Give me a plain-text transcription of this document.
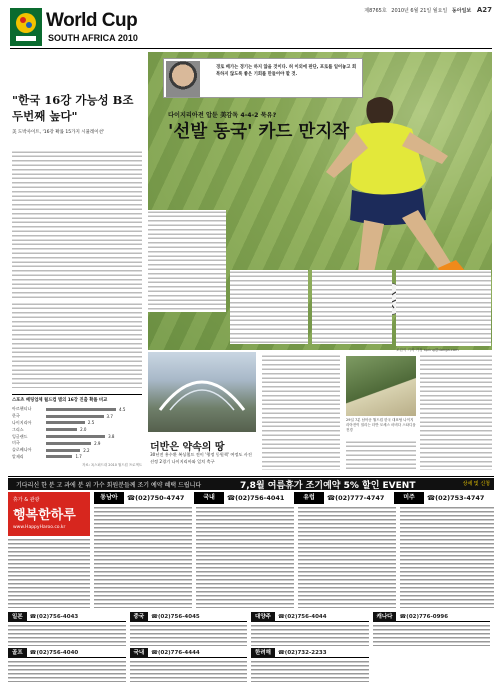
World Cup
SOUTH AFRICA 2010
제8765호 2010년 6월 21일 월요일 동아일보 A27
"한국 16강 가능성 B조 두번째 높다"
美 도박사이트, '16강 확률 15가지 시뮬레이션'
스포츠 베팅업체 월드컵 별의 16강 진출 확률 비교
아르헨티나	4.5
한국	3.7
나이지리아	2.5
그리스	2.0
잉글랜드	3.8
미국	2.9
슬로베니아	2.2
알제리	1.7
자료: 옥스퍼드대 2010 월드컵 프로젝트
경로 배가는 경기는 하지 않을 것이다. 허 이외에 판단, 포로를 일어놓고 회복하지 않도록 좋은 기회를 만들어야 할 것.
다이지리아전 압둔 美감독 4-4-2 묵유?
'선발 동국' 카드 만지작
조한이 기자 기정 spring@donga.com
더반은 약속의 땅
30년전 홍수환 복싱챔프 전이 '행정 동원책' 여정도 사진 선정 2경기 나이지리아와 일치 축구
29일 7분 남아공 월드컵 한국 대표팀 나이지리아전이 열리는 더반 모세스 마비다 스타디움 전경
기다리신 한 분 고 과에 분 위 가수 회원분들께 조기 예약 혜택 드립니다	7,8월 여름휴가 조기예약 5% 할인 EVENT	상세 및 신청
휴가 & 관광
행복한하루
www.HappyHaroo.co.kr
동남아	☎(02)750-4747	국내	☎(02)756-4041	유럽	☎(02)777-4747	미주	☎(02)753-4747
일본	☎(02)756-4043	중국	☎(02)756-4045	대양주	☎(02)756-4044	캐나다	☎(02)776-0996
골프	☎(02)756-4040	국내	☎(02)776-4444	한려해	☎(02)732-2233
